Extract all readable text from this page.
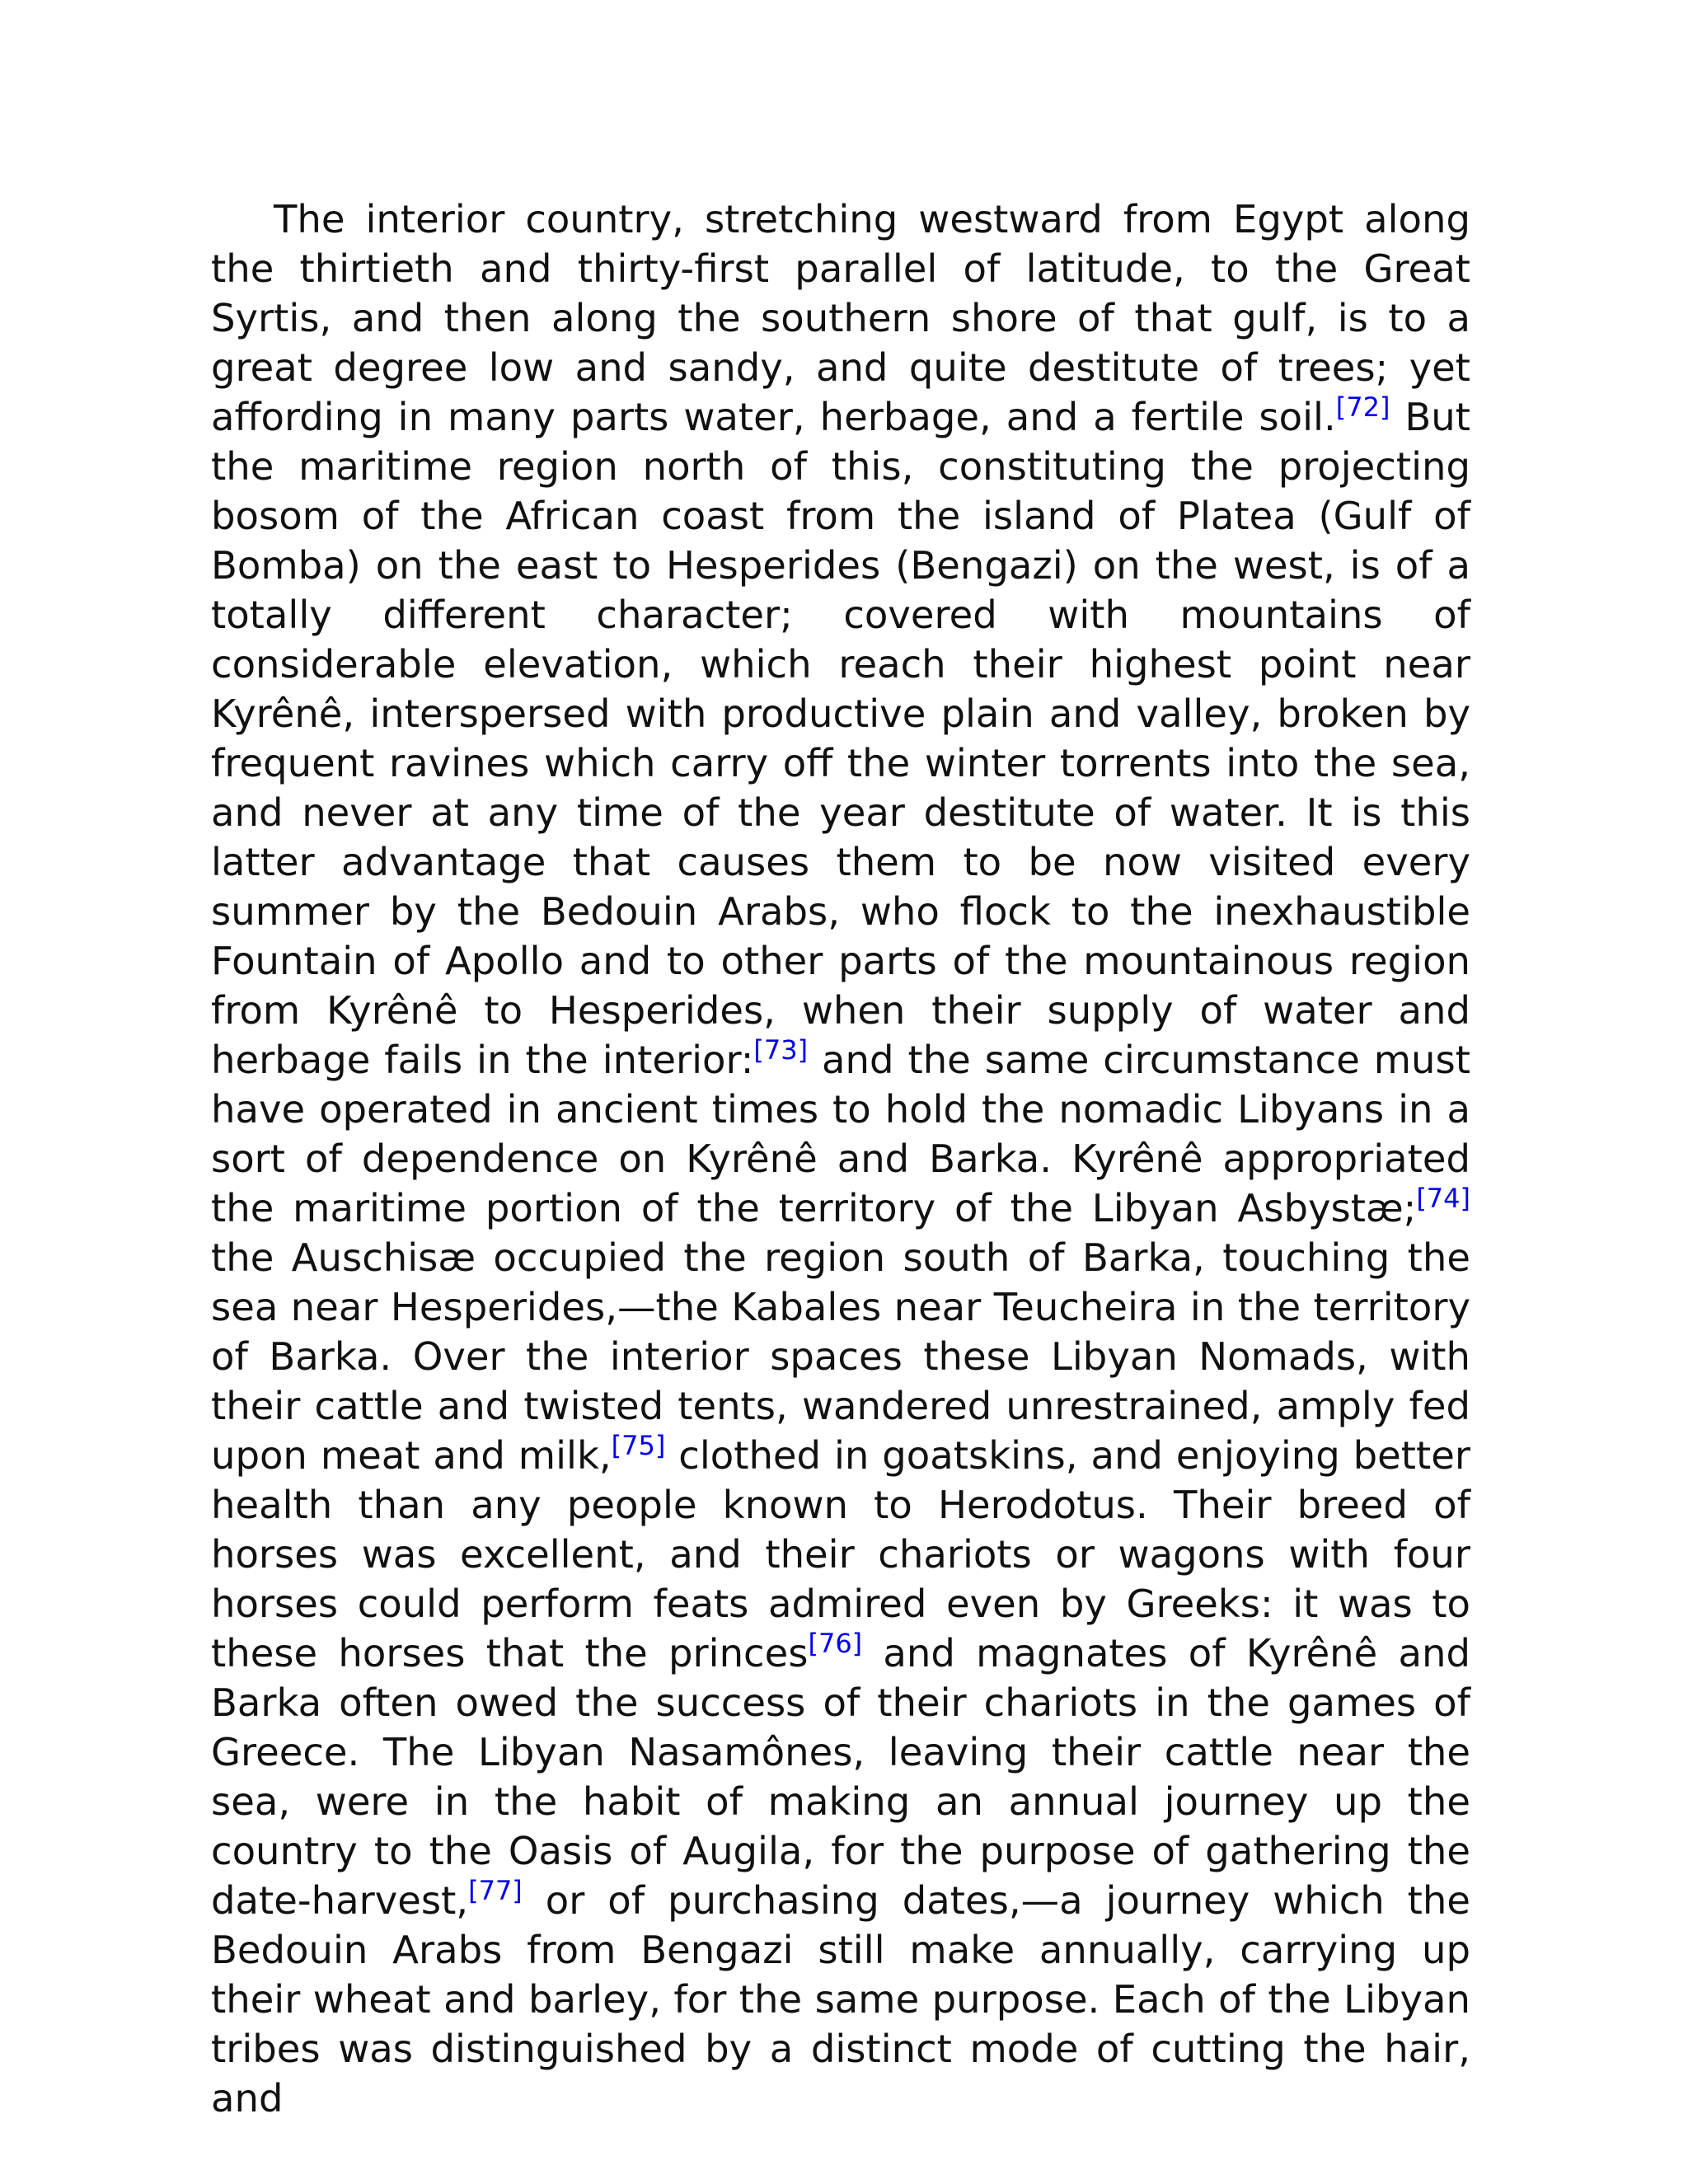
The interior country, stretching westward from Egypt along the thirtieth and thirty-first parallel of latitude, to the Great Syrtis, and then along the southern shore of that gulf, is to a great degree low and sandy, and quite destitute of trees; yet affording in many parts water, herbage, and a fertile soil.[72] But the maritime region north of this, constituting the projecting bosom of the African coast from the island of Platea (Gulf of Bomba) on the east to Hesperides (Bengazi) on the west, is of a totally different character; covered with mountains of considerable elevation, which reach their highest point near Kyrênê, interspersed with productive plain and valley, broken by frequent ravines which carry off the winter torrents into the sea, and never at any time of the year destitute of water. It is this latter advantage that causes them to be now visited every summer by the Bedouin Arabs, who flock to the inexhaustible Fountain of Apollo and to other parts of the mountainous region from Kyrênê to Hesperides, when their supply of water and herbage fails in the interior:[73] and the same circumstance must have operated in ancient times to hold the nomadic Libyans in a sort of dependence on Kyrênê and Barka. Kyrênê appropriated the maritime portion of the territory of the Libyan Asbystæ;[74] the Auschisæ occupied the region south of Barka, touching the sea near Hesperides,—the Kabales near Teucheira in the territory of Barka. Over the interior spaces these Libyan Nomads, with their cattle and twisted tents, wandered unrestrained, amply fed upon meat and milk,[75] clothed in goatskins, and enjoying better health than any people known to Herodotus. Their breed of horses was excellent, and their chariots or wagons with four horses could perform feats admired even by Greeks: it was to these horses that the princes[76] and magnates of Kyrênê and Barka often owed the success of their chariots in the games of Greece. The Libyan Nasamônes, leaving their cattle near the sea, were in the habit of making an annual journey up the country to the Oasis of Augila, for the purpose of gathering the date-harvest,[77] or of purchasing dates,—a journey which the Bedouin Arabs from Bengazi still make annually, carrying up their wheat and barley, for the same purpose. Each of the Libyan tribes was distinguished by a distinct mode of cutting the hair, and
